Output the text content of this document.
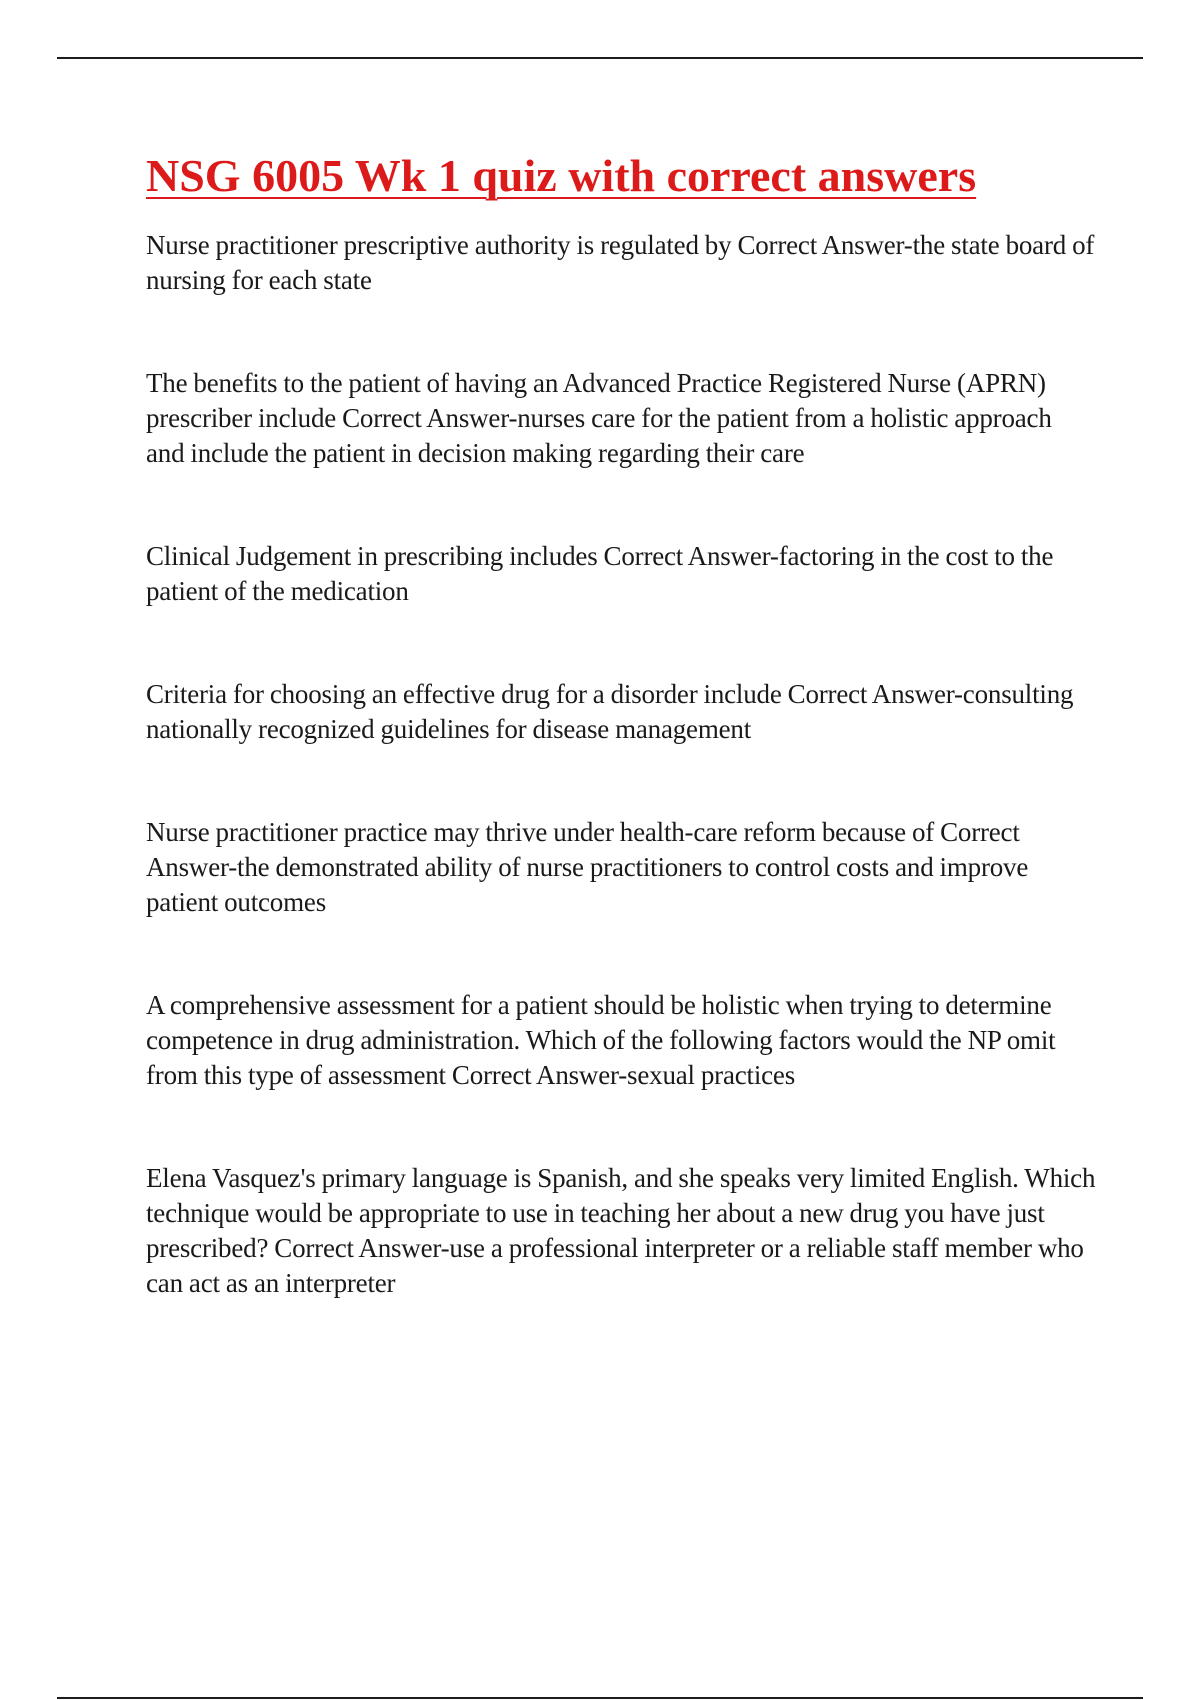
NSG 6005 Wk 1 quiz with correct answers

Nurse practitioner prescriptive authority is regulated by Correct Answer-the state board of nursing for each state

The benefits to the patient of having an Advanced Practice Registered Nurse (APRN) prescriber include Correct Answer-nurses care for the patient from a holistic approach and include the patient in decision making regarding their care

Clinical Judgement in prescribing includes Correct Answer-factoring in the cost to the patient of the medication

Criteria for choosing an effective drug for a disorder include Correct Answer-consulting nationally recognized guidelines for disease management

Nurse practitioner practice may thrive under health-care reform because of Correct Answer-the demonstrated ability of nurse practitioners to control costs and improve patient outcomes

A comprehensive assessment for a patient should be holistic when trying to determine competence in drug administration. Which of the following factors would the NP omit from this type of assessment Correct Answer-sexual practices

Elena Vasquez's primary language is Spanish, and she speaks very limited English. Which technique would be appropriate to use in teaching her about a new drug you have just prescribed? Correct Answer-use a professional interpreter or a reliable staff member who can act as an interpreter
